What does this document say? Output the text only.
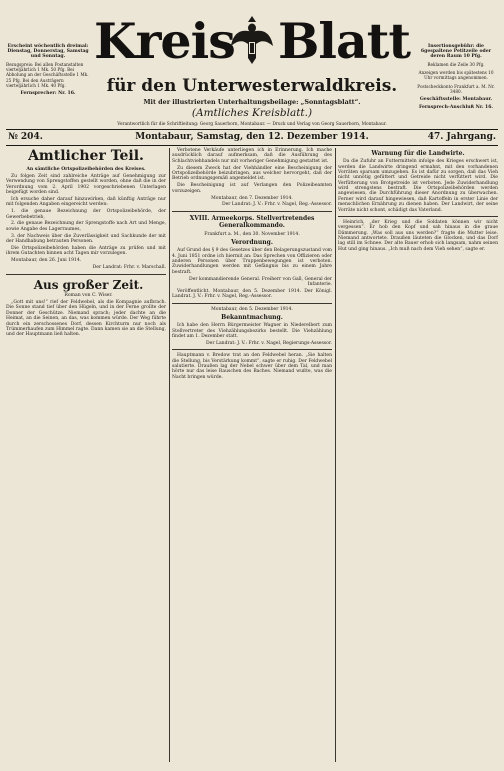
Erscheint wöchentlich dreimal: Dienstag, Donnerstag, Samstag und Sonntag.

Bezugspreis: Bei allen Postanstalten vierteljährlich 1 Mk. 50 Pfg. Bei Abholung an der Geschäftsstelle 1 Mk. 25 Pfg. Bei den Austrägern vierteljährlich 1 Mk. 40 Pfg.

Fernsprecher: Nr. 16.

Kreis Blatt
für den Unterwesterwaldkreis.
Mit der illustrierten Unterhaltungsbeilage: „Sonntagsblatt“.
(Amtliches Kreisblatt.)
Verantwortlich für die Schriftleitung: Georg Sauerborn, Montabaur. — Druck und Verlag von Georg Sauerborn, Montabaur.

Insertionsgebühr: die 6gespaltene Petitzeile oder deren Raum 10 Pfg.

Reklamen die Zeile 30 Pfg.

Anzeigen werden bis spätestens 10 Uhr vormittags angenommen.

Postscheckkonto Frankfurt a. M. Nr. 3480.

Geschäftsstelle: Montabaur.

Fernsprech-Anschluß Nr. 16.

№ 204.	Montabaur, Samstag, den 12. Dezember 1914.	47. Jahrgang.

Amtlicher Teil.

An sämtliche Ortspolizeibehörden des Kreises.

Zu folgen Zeit sind zahlreiche Anträge auf Genehmigung zur Verwendung von Sprengstoffen gestellt worden, ohne daß die in der Verordnung vom 2. April 1902 vorgeschriebenen Unterlagen beigefügt worden sind.

Ich ersuche daher darauf hinzuwirken, daß künftig Anträge nur mit folgenden Angaben eingereicht werden:

1. die genaue Bezeichnung der Ortspolizeibehörde, der Gewerbebetrieb,

2. die genaue Bezeichnung der Sprengstoffe nach Art und Menge, sowie Angabe des Lagerraumes,

3. der Nachweis über die Zuverlässigkeit und Sachkunde der mit der Handhabung betrauten Personen.

Die Ortspolizeibehörden haben die Anträge zu prüfen und mit ihrem Gutachten binnen acht Tagen mir vorzulegen.

Montabaur, den 26. Juni 1914.

Der Landrat: Frhr. v. Marschall.

Aus großer Zeit.

Roman von C. Wiser.

„Gott mit uns!“ rief der Feldwebel, als die Kompagnie aufbrach. Die Sonne stand tief über den Hügeln, und in der Ferne grollte der Donner der Geschütze. Niemand sprach; jeder dachte an die Heimat, an die Seinen, an das, was kommen würde. Der Weg führte durch ein zerschossenes Dorf, dessen Kirchturm nur noch als Trümmerhaufen zum Himmel ragte. Dann kamen sie an die Stellung, und der Hauptmann ließ halten.

Verbotene Verkäufe unterliegen ich in Erinnerung. Ich mache ausdrücklich darauf aufmerksam, daß die Ausführung des Schlachtviehhandels nur mit vorheriger Genehmigung gestattet ist.

Zu diesem Zweck hat der Viehhändler eine Bescheinigung der Ortspolizeibehörde beizubringen, aus welcher hervorgeht, daß der Betrieb ordnungsgemäß angemeldet ist.

Die Bescheinigung ist auf Verlangen den Polizeibeamten vorzuzeigen.

Montabaur, den 7. Dezember 1914.

Der Landrat: J. V.: Frhr. v. Nagel, Reg.-Assessor.

XVIII. Armeekorps. Stellvertretendes Generalkommando.

Frankfurt a. M., den 30. November 1914.

Verordnung.

Auf Grund des § 9 des Gesetzes über den Belagerungszustand vom 4. Juni 1851 ordne ich hiermit an: Das Sprechen von Offizieren oder anderen Personen über Truppenbewegungen ist verboten. Zuwiderhandlungen werden mit Gefängnis bis zu einem Jahre bestraft.

Der kommandierende General. Freiherr von Gall, General der Infanterie.

Veröffentlicht. Montabaur, den 5. Dezember 1914. Der Königl. Landrat. J. V.: Frhr. v. Nagel, Reg.-Assessor.

Montabaur, den 5. Dezember 1914.

Bekanntmachung.

Ich habe den Herrn Bürgermeister Wagner in Niederelbert zum Stellvertreter des Viehzählungsbezirks bestellt. Die Viehzählung findet am 1. Dezember statt.

Der Landrat: J. V.: Frhr. v. Nagel, Regierungs-Assessor.

Hauptmann v. Bredow trat an den Feldwebel heran. „Sie halten die Stellung, bis Verstärkung kommt“, sagte er ruhig. Der Feldwebel salutierte. Draußen lag der Nebel schwer über dem Tal, und man hörte nur das leise Rauschen des Baches. Niemand wußte, was die Nacht bringen würde.

Warnung für die Landwirte.

Da die Zufuhr an Futtermitteln infolge des Krieges erschwert ist, werden die Landwirte dringend ermahnt, mit den vorhandenen Vorräten sparsam umzugehen. Es ist dafür zu sorgen, daß das Vieh nicht unnötig gefüttert und Getreide nicht verfüttert wird. Die Verfütterung von Brotgetreide ist verboten. Jede Zuwiderhandlung wird strengstens bestraft. Die Ortspolizeibehörden werden angewiesen, die Durchführung dieser Anordnung zu überwachen. Ferner wird darauf hingewiesen, daß Kartoffeln in erster Linie der menschlichen Ernährung zu dienen haben. Der Landwirt, der seine Vorräte nicht schont, schädigt das Vaterland.

Heinrich, „der Krieg und die Soldaten können wir nicht vergessen“. Er hob den Kopf und sah hinaus in die graue Dämmerung. „Was soll aus uns werden?“ fragte die Mutter leise. Niemand antwortete. Draußen läuteten die Glocken, und das Dorf lag still im Schnee. Der alte Bauer erhob sich langsam, nahm seinen Hut und ging hinaus. „Ich muß nach dem Vieh sehen“, sagte er.
